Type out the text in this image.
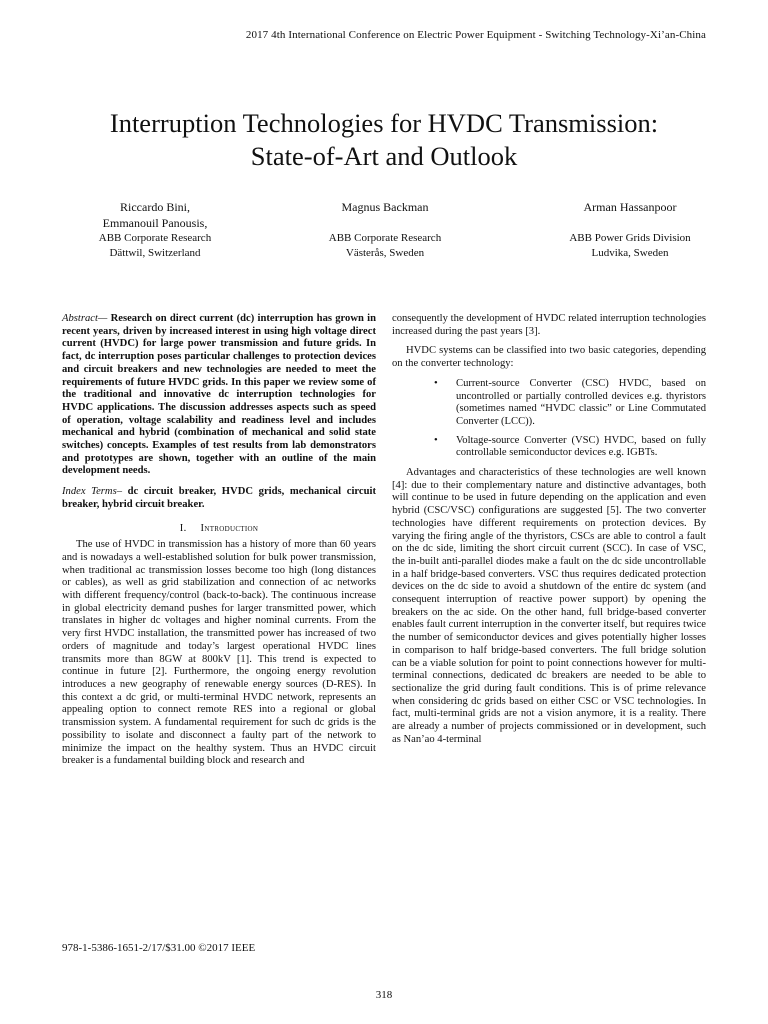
2017 4th International Conference on Electric Power Equipment - Switching Technology-Xi’an-China
Interruption Technologies for HVDC Transmission:
State-of-Art and Outlook
Riccardo Bini,
Emmanouil Panousis,
ABB Corporate Research
Dättwil, Switzerland
Magnus Backman
ABB Corporate Research
Västerås, Sweden
Arman Hassanpoor
ABB Power Grids Division
Ludvika, Sweden

Abstract— Research on direct current (dc) interruption has grown in recent years, driven by increased interest in using high voltage direct current (HVDC) for large power transmission and future grids. In fact, dc interruption poses particular challenges to protection devices and circuit breakers and new technologies are needed to meet the requirements of future HVDC grids. In this paper we review some of the traditional and innovative dc interruption technologies for HVDC applications. The discussion addresses aspects such as speed of operation, voltage scalability and readiness level and includes mechanical and hybrid (combination of mechanical and solid state switches) concepts. Examples of test results from lab demonstrators and prototypes are shown, together with an outline of the main development needs.

Index Terms– dc circuit breaker, HVDC grids, mechanical circuit breaker, hybrid circuit breaker.

I. Introduction

The use of HVDC in transmission has a history of more than 60 years and is nowadays a well-established solution for bulk power transmission, when traditional ac transmission losses become too high (long distances or cables), as well as grid stabilization and connection of ac networks with different frequency/control (back-to-back). The continuous increase in global electricity demand pushes for larger transmitted power, which translates in higher dc voltages and higher nominal currents. From the very first HVDC installation, the transmitted power has increased of two orders of magnitude and today’s largest operational HVDC lines transmits more than 8GW at 800kV [1]. This trend is expected to continue in future [2]. Furthermore, the ongoing energy revolution introduces a new geography of renewable energy sources (D-RES). In this context a dc grid, or multi-terminal HVDC network, represents an appealing option to connect remote RES into a regional or global transmission system. A fundamental requirement for such dc grids is the possibility to isolate and disconnect a faulty part of the network to minimize the impact on the healthy system. Thus an HVDC circuit breaker is a fundamental building block and research and

consequently the development of HVDC related interruption technologies increased during the past years [3].

HVDC systems can be classified into two basic categories, depending on the converter technology:

• Current-source Converter (CSC) HVDC, based on uncontrolled or partially controlled devices e.g. thyristors (sometimes named “HVDC classic” or Line Commutated Converter (LCC)).
• Voltage-source Converter (VSC) HVDC, based on fully controllable semiconductor devices e.g. IGBTs.

Advantages and characteristics of these technologies are well known [4]: due to their complementary nature and distinctive advantages, both will continue to be used in future depending on the application and even hybrid (CSC/VSC) configurations are suggested [5]. The two converter technologies have different requirements on protection devices. By varying the firing angle of the thyristors, CSCs are able to control a fault on the dc side, limiting the short circuit current (SCC). In case of VSC, the in-built anti-parallel diodes make a fault on the dc side uncontrollable in a half bridge-based converters. VSC thus requires dedicated protection devices on the dc side to avoid a shutdown of the entire dc system (and consequent interruption of reactive power support) by opening the breakers on the ac side. On the other hand, full bridge-based converter enables fault current interruption in the converter itself, but requires twice the number of semiconductor devices and gives potentially higher losses in comparison to half bridge-based converters. The full bridge solution can be a viable solution for point to point connections however for multi-terminal connections, dedicated dc breakers are needed to be able to sectionalize the grid during fault conditions. This is of prime relevance when considering dc grids based on either CSC or VSC technologies. In fact, multi-terminal grids are not a vision anymore, it is a reality. There are already a number of projects commissioned or in development, such as Nan’ao 4-terminal

978-1-5386-1651-2/17/$31.00 ©2017 IEEE
318
